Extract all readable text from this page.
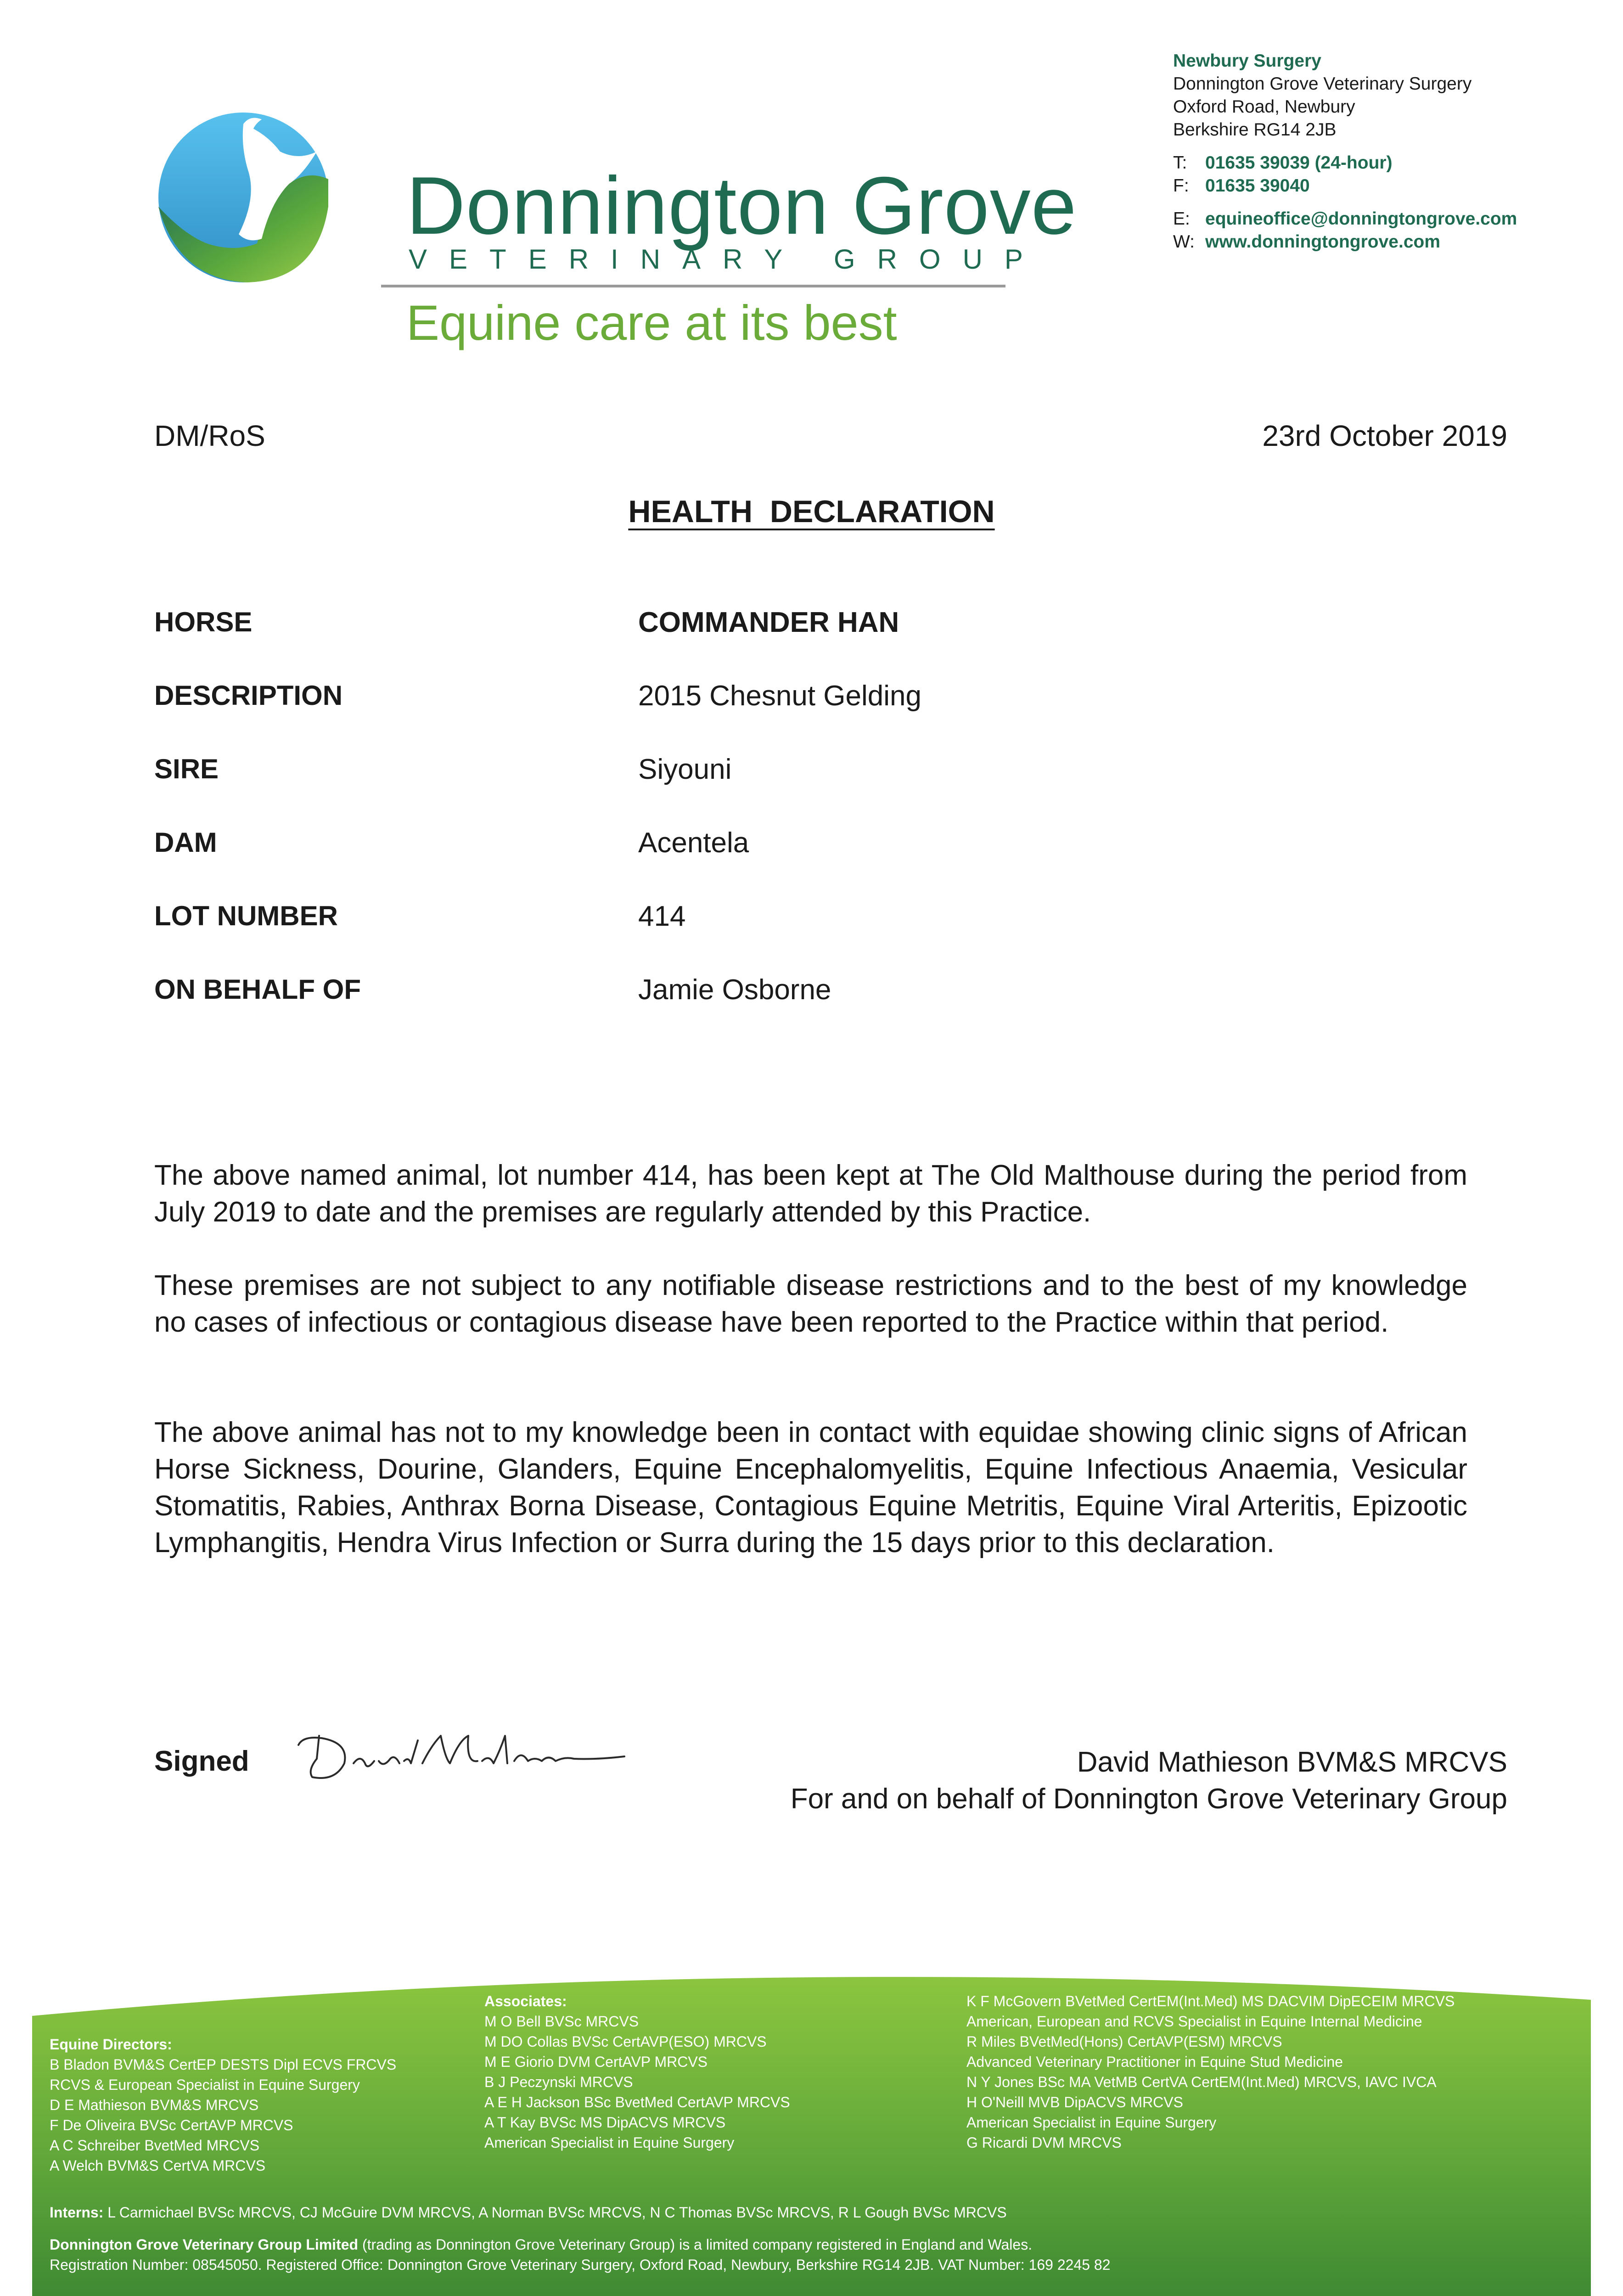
Donnington Grove
VETERINARY GROUP
Equine care at its best
Newbury Surgery
Donnington Grove Veterinary Surgery
Oxford Road, Newbury
Berkshire RG14 2JB
T: 01635 39039 (24-hour)
F: 01635 39040
E: equineoffice@donningtongrove.com
W: www.donningtongrove.com
DM/RoS	23rd October 2019
HEALTH  DECLARATION
HORSE	COMMANDER HAN
DESCRIPTION	2015 Chesnut Gelding
SIRE	Siyouni
DAM	Acentela
LOT NUMBER	414
ON BEHALF OF	Jamie Osborne
The above named animal, lot number 414, has been kept at The Old Malthouse during the period from July 2019 to date and the premises are regularly attended by this Practice.
These premises are not subject to any notifiable disease restrictions and to the best of my knowledge no cases of infectious or contagious disease have been reported to the Practice within that period.
The above animal has not to my knowledge been in contact with equidae showing clinic signs of African Horse Sickness, Dourine, Glanders, Equine Encephalomyelitis, Equine Infectious Anaemia, Vesicular Stomatitis, Rabies, Anthrax Borna Disease, Contagious Equine Metritis, Equine Viral Arteritis, Epizootic Lymphangitis, Hendra Virus Infection or Surra during the 15 days prior to this declaration.
Signed	David Mathieson BVM&S MRCVS
For and on behalf of Donnington Grove Veterinary Group
Equine Directors:
B Bladon BVM&S CertEP DESTS Dipl ECVS FRCVS
RCVS & European Specialist in Equine Surgery
D E Mathieson BVM&S MRCVS
F De Oliveira BVSc CertAVP MRCVS
A C Schreiber BvetMed MRCVS
A Welch BVM&S CertVA MRCVS
Associates:
M O Bell BVSc MRCVS
M DO Collas BVSc CertAVP(ESO) MRCVS
M E Giorio DVM CertAVP MRCVS
B J Peczynski MRCVS
A E H Jackson BSc BvetMed CertAVP MRCVS
A T Kay BVSc MS DipACVS MRCVS
American Specialist in Equine Surgery
K F McGovern BVetMed CertEM(Int.Med) MS DACVIM DipECEIM MRCVS
American, European and RCVS Specialist in Equine Internal Medicine
R Miles BVetMed(Hons) CertAVP(ESM) MRCVS
Advanced Veterinary Practitioner in Equine Stud Medicine
N Y Jones BSc MA VetMB CertVA CertEM(Int.Med) MRCVS, IAVC IVCA
H O'Neill MVB DipACVS MRCVS
American Specialist in Equine Surgery
G Ricardi DVM MRCVS
Interns: L Carmichael BVSc MRCVS, CJ McGuire DVM MRCVS, A Norman BVSc MRCVS, N C Thomas BVSc MRCVS, R L Gough BVSc MRCVS
Donnington Grove Veterinary Group Limited (trading as Donnington Grove Veterinary Group) is a limited company registered in England and Wales.
Registration Number: 08545050. Registered Office: Donnington Grove Veterinary Surgery, Oxford Road, Newbury, Berkshire RG14 2JB. VAT Number: 169 2245 82
